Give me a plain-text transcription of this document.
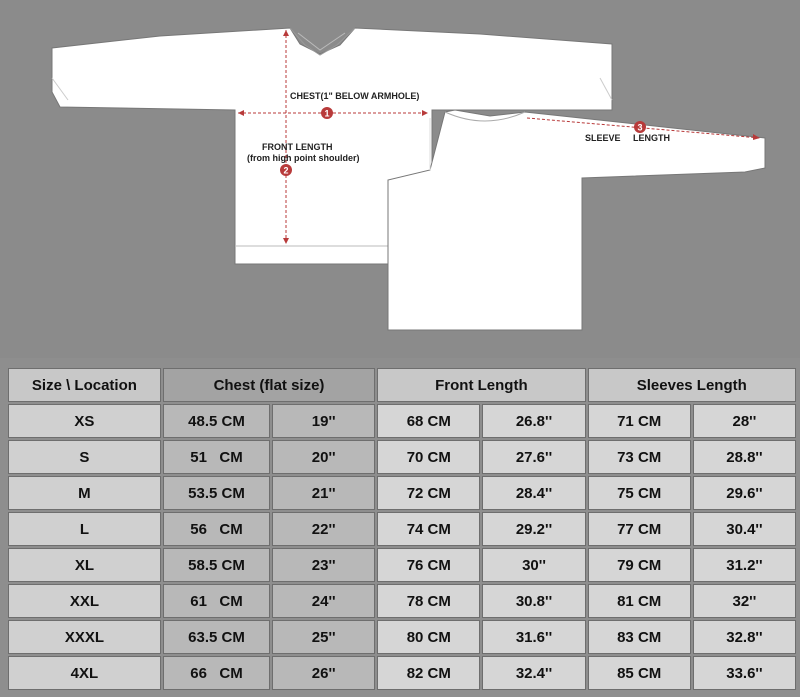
1
2
3
CHEST(1" BELOW ARMHOLE)
FRONT LENGTH
(from high point shoulder)
SLEEVE     LENGTH
Size \ Location	Chest (flat size)		Front Length		Sleeves Length	
XS	48.5 CM	19''	68 CM	26.8''	71 CM	28''
S	51   CM	20''	70 CM	27.6''	73 CM	28.8''
M	53.5 CM	21''	72 CM	28.4''	75 CM	29.6''
L	56   CM	22''	74 CM	29.2''	77 CM	30.4''
XL	58.5 CM	23''	76 CM	30''	79 CM	31.2''
XXL	61   CM	24''	78 CM	30.8''	81 CM	32''
XXXL	63.5 CM	25''	80 CM	31.6''	83 CM	32.8''
4XL	66   CM	26''	82 CM	32.4''	85 CM	33.6''
